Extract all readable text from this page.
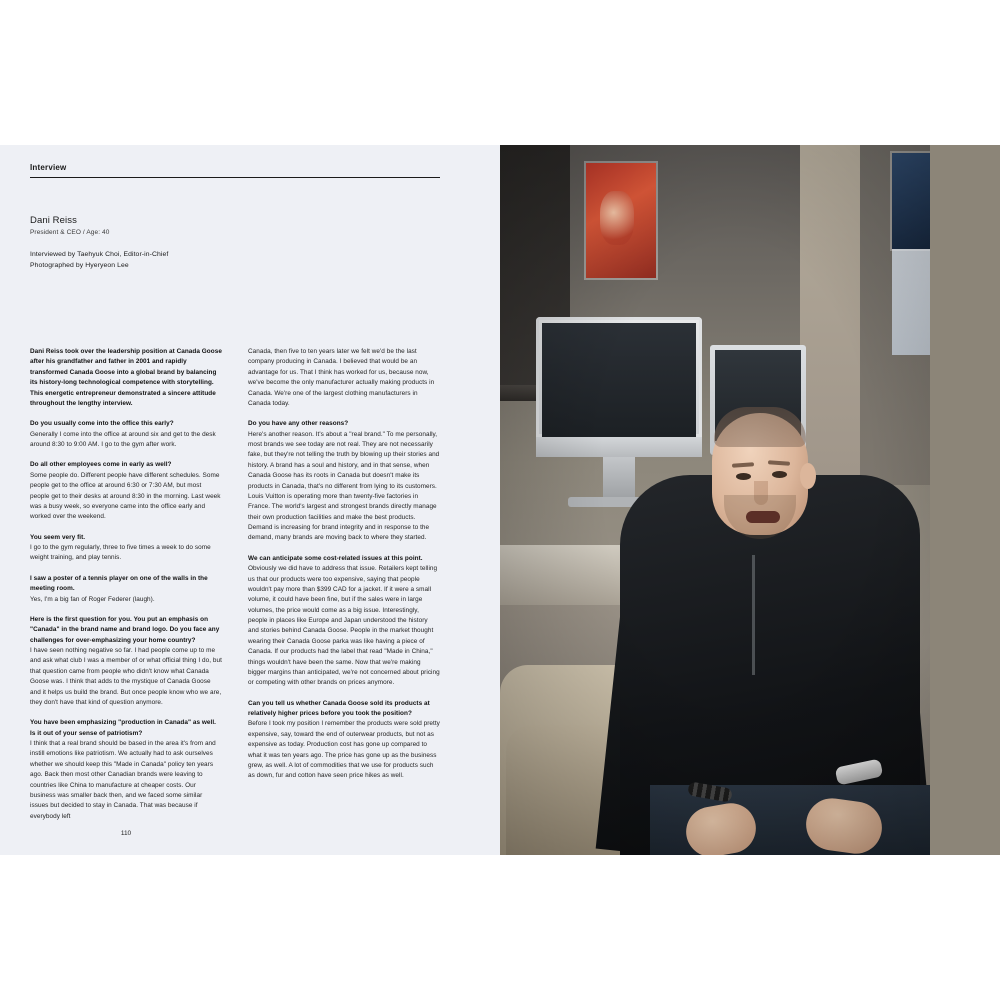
Interview

Dani Reiss

President & CEO / Age: 40

Interviewed by Taehyuk Choi, Editor-in-Chief
Photographed by Hyeryeon Lee

Dani Reiss took over the leadership position at Canada Goose after his grandfather and father in 2001 and rapidly transformed Canada Goose into a global brand by balancing its history-long technological competence with storytelling. This energetic entrepreneur demonstrated a sincere attitude throughout the lengthy interview.

Do you usually come into the office this early?

Generally I come into the office at around six and get to the desk around 8:30 to 9:00 AM. I go to the gym after work.

Do all other employees come in early as well?

Some people do. Different people have different schedules. Some people get to the office at around 6:30 or 7:30 AM, but most people get to their desks at around 8:30 in the morning. Last week was a busy week, so everyone came into the office early and worked over the weekend.

You seem very fit.

I go to the gym regularly, three to five times a week to do some weight training, and play tennis.

I saw a poster of a tennis player on one of the walls in the meeting room.

Yes, I'm a big fan of Roger Federer (laugh).

Here is the first question for you. You put an emphasis on "Canada" in the brand name and brand logo. Do you face any challenges for over-emphasizing your home country?

I have seen nothing negative so far. I had people come up to me and ask what club I was a member of or what official thing I do, but that question came from people who didn't know what Canada Goose was. I think that adds to the mystique of Canada Goose and it helps us build the brand. But once people know who we are, they don't have that kind of question anymore.

You have been emphasizing "production in Canada" as well. Is it out of your sense of patriotism?

I think that a real brand should be based in the area it's from and instill emotions like patriotism. We actually had to ask ourselves whether we should keep this "Made in Canada" policy ten years ago. Back then most other Canadian brands were leaving to countries like China to manufacture at cheaper costs. Our business was smaller back then, and we faced some similar issues but decided to stay in Canada. That was because if everybody left

Canada, then five to ten years later we felt we'd be the last company producing in Canada. I believed that would be an advantage for us. That I think has worked for us, because now, we've become the only manufacturer actually making products in Canada. We're one of the largest clothing manufacturers in Canada today.

Do you have any other reasons?

Here's another reason. It's about a "real brand." To me personally, most brands we see today are not real. They are not necessarily fake, but they're not telling the truth by blowing up their stories and history. A brand has a soul and history, and in that sense, when Canada Goose has its roots in Canada but doesn't make its products in Canada, that's no different from lying to its customers. Louis Vuitton is operating more than twenty-five factories in France. The world's largest and strongest brands directly manage their own production facilities and make the best products. Demand is increasing for brand integrity and in response to the demand, many brands are moving back to where they started.

We can anticipate some cost-related issues at this point.

Obviously we did have to address that issue. Retailers kept telling us that our products were too expensive, saying that people wouldn't pay more than $399 CAD for a jacket. If it were a small volume, it could have been fine, but if the sales were in large volumes, the price would come as a big issue. Interestingly, people in places like Europe and Japan understood the history and stories behind Canada Goose. People in the market thought wearing their Canada Goose parka was like having a piece of Canada. If our products had the label that read "Made in China," things wouldn't have been the same. Now that we're making bigger margins than anticipated, we're not concerned about pricing or competing with other brands on prices anymore.

Can you tell us whether Canada Goose sold its products at relatively higher prices before you took the position?

Before I took my position I remember the products were sold pretty expensive, say, toward the end of outerwear products, but not as expensive as today. Production cost has gone up compared to what it was ten years ago. The price has gone up as the business grew, as well. A lot of commodities that we use for products such as down, fur and cotton have seen price hikes as well.

110
